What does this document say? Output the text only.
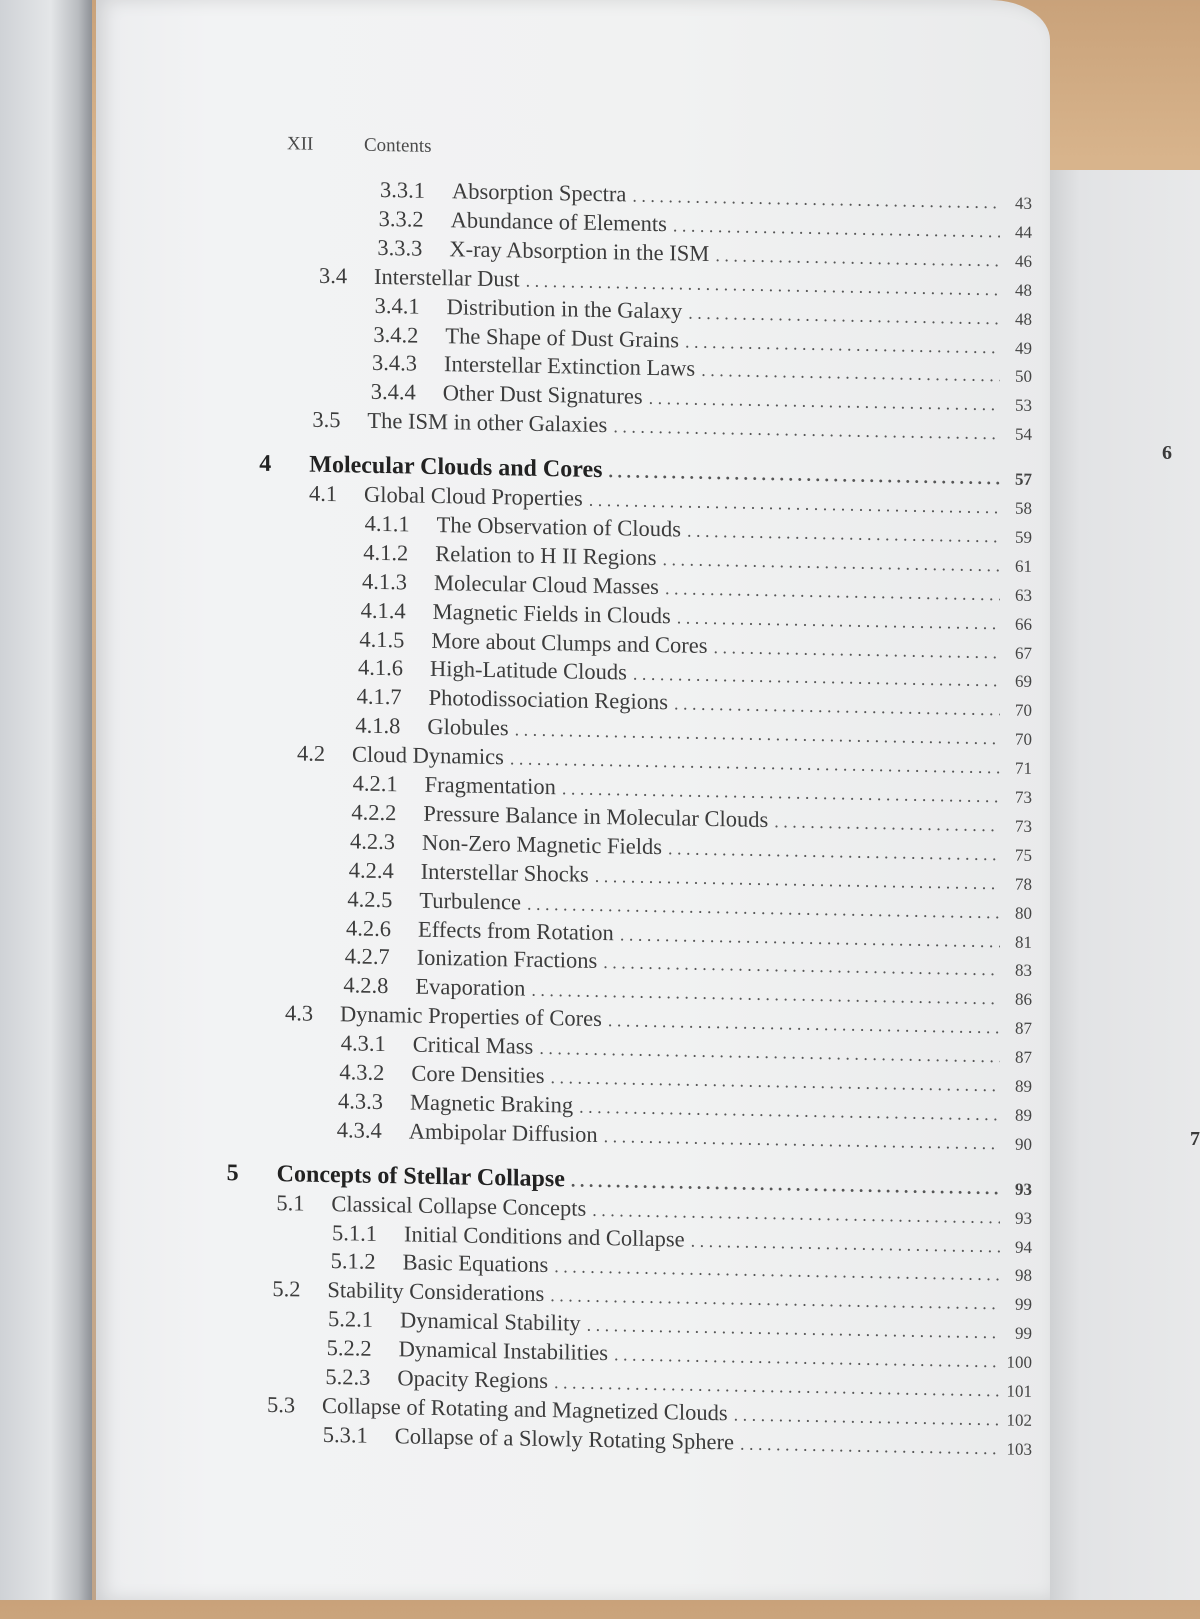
6
7
XII	Contents
3.3.1	Absorption Spectra . . .	43
3.3.2	Abundance of Elements . . .	44
3.3.3	X-ray Absorption in the ISM . . .	46
3.4	Interstellar Dust . . .	48
3.4.1	Distribution in the Galaxy . . .	48
3.4.2	The Shape of Dust Grains . . .	49
3.4.3	Interstellar Extinction Laws . . .	50
3.4.4	Other Dust Signatures . . .	53
3.5	The ISM in other Galaxies . . .	54
4	Molecular Clouds and Cores . . .	57
4.1	Global Cloud Properties . . .	58
4.1.1	The Observation of Clouds . . .	59
4.1.2	Relation to H II Regions . . .	61
4.1.3	Molecular Cloud Masses . . .	63
4.1.4	Magnetic Fields in Clouds . . .	66
4.1.5	More about Clumps and Cores . . .	67
4.1.6	High-Latitude Clouds . . .	69
4.1.7	Photodissociation Regions . . .	70
4.1.8	Globules . . .	70
4.2	Cloud Dynamics . . .	71
4.2.1	Fragmentation . . .	73
4.2.2	Pressure Balance in Molecular Clouds . . .	73
4.2.3	Non-Zero Magnetic Fields . . .	75
4.2.4	Interstellar Shocks . . .	78
4.2.5	Turbulence . . .	80
4.2.6	Effects from Rotation . . .	81
4.2.7	Ionization Fractions . . .	83
4.2.8	Evaporation . . .	86
4.3	Dynamic Properties of Cores . . .	87
4.3.1	Critical Mass . . .	87
4.3.2	Core Densities . . .	89
4.3.3	Magnetic Braking . . .	89
4.3.4	Ambipolar Diffusion . . .	90
5	Concepts of Stellar Collapse . . .	93
5.1	Classical Collapse Concepts . . .	93
5.1.1	Initial Conditions and Collapse . . .	94
5.1.2	Basic Equations . . .	98
5.2	Stability Considerations . . .	99
5.2.1	Dynamical Stability . . .	99
5.2.2	Dynamical Instabilities . . .	100
5.2.3	Opacity Regions . . .	101
5.3	Collapse of Rotating and Magnetized Clouds . . .	102
5.3.1	Collapse of a Slowly Rotating Sphere . . .	103
